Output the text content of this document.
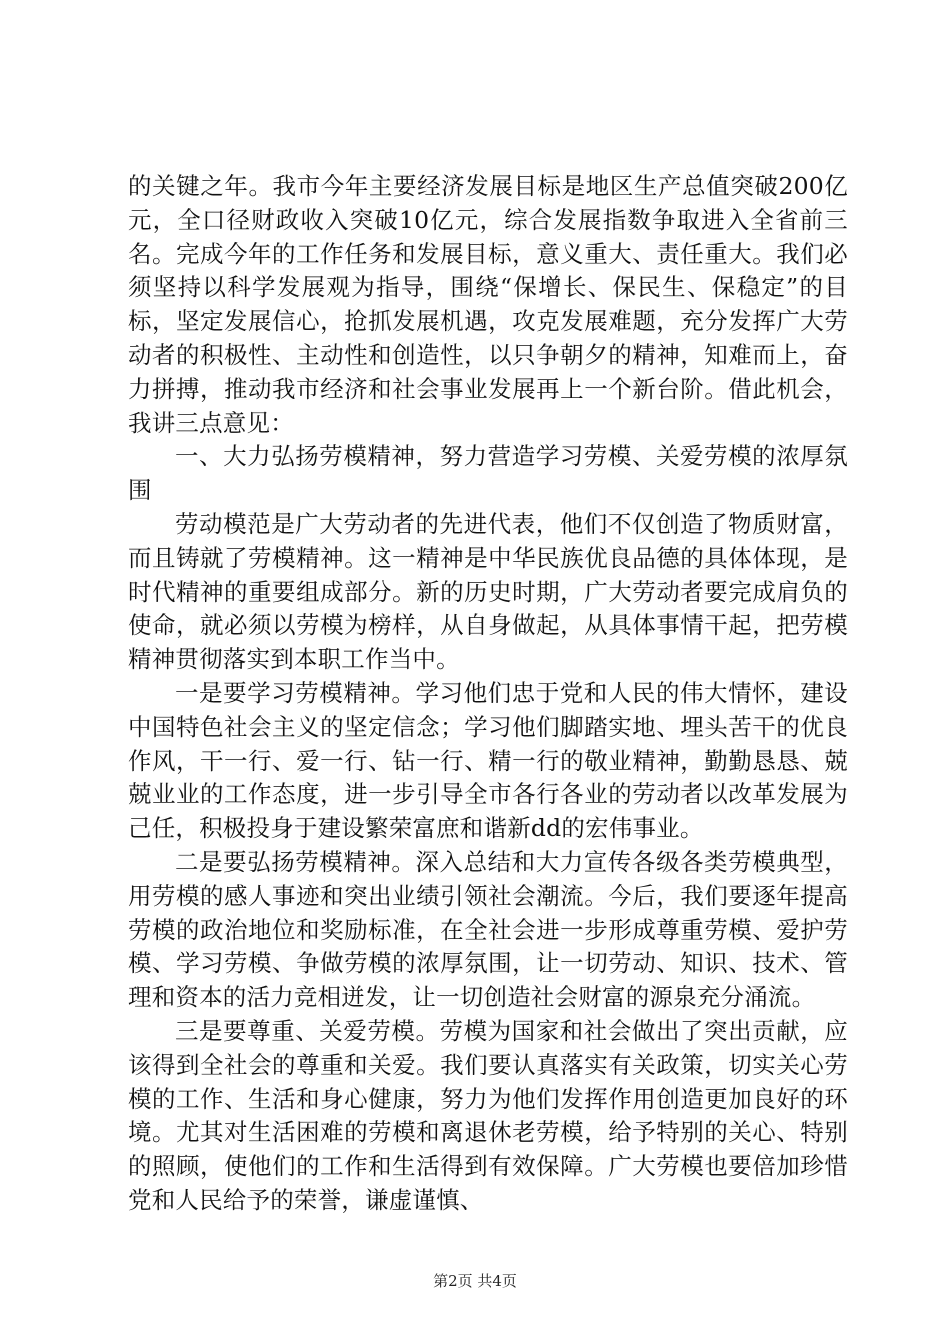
的关键之年。我市今年主要经济发展目标是地区生产总值突破200亿元，全口径财政收入突破10亿元，综合发展指数争取进入全省前三名。完成今年的工作任务和发展目标，意义重大、责任重大。我们必须坚持以科学发展观为指导，围绕“保增长、保民生、保稳定”的目标，坚定发展信心，抢抓发展机遇，攻克发展难题，充分发挥广大劳动者的积极性、主动性和创造性，以只争朝夕的精神，知难而上，奋力拼搏，推动我市经济和社会事业发展再上一个新台阶。借此机会，我讲三点意见：

一、大力弘扬劳模精神，努力营造学习劳模、关爱劳模的浓厚氛围

劳动模范是广大劳动者的先进代表，他们不仅创造了物质财富，而且铸就了劳模精神。这一精神是中华民族优良品德的具体体现，是时代精神的重要组成部分。新的历史时期，广大劳动者要完成肩负的使命，就必须以劳模为榜样，从自身做起，从具体事情干起，把劳模精神贯彻落实到本职工作当中。

一是要学习劳模精神。学习他们忠于党和人民的伟大情怀，建设中国特色社会主义的坚定信念；学习他们脚踏实地、埋头苦干的优良作风，干一行、爱一行、钻一行、精一行的敬业精神，勤勤恳恳、兢兢业业的工作态度，进一步引导全市各行各业的劳动者以改革发展为己任，积极投身于建设繁荣富庶和谐新dd的宏伟事业。

二是要弘扬劳模精神。深入总结和大力宣传各级各类劳模典型，用劳模的感人事迹和突出业绩引领社会潮流。今后，我们要逐年提高劳模的政治地位和奖励标准，在全社会进一步形成尊重劳模、爱护劳模、学习劳模、争做劳模的浓厚氛围，让一切劳动、知识、技术、管理和资本的活力竞相迸发，让一切创造社会财富的源泉充分涌流。

三是要尊重、关爱劳模。劳模为国家和社会做出了突出贡献，应该得到全社会的尊重和关爱。我们要认真落实有关政策，切实关心劳模的工作、生活和身心健康，努力为他们发挥作用创造更加良好的环境。尤其对生活困难的劳模和离退休老劳模，给予特别的关心、特别的照顾，使他们的工作和生活得到有效保障。广大劳模也要倍加珍惜党和人民给予的荣誉，谦虚谨慎、

第2页 共4页
